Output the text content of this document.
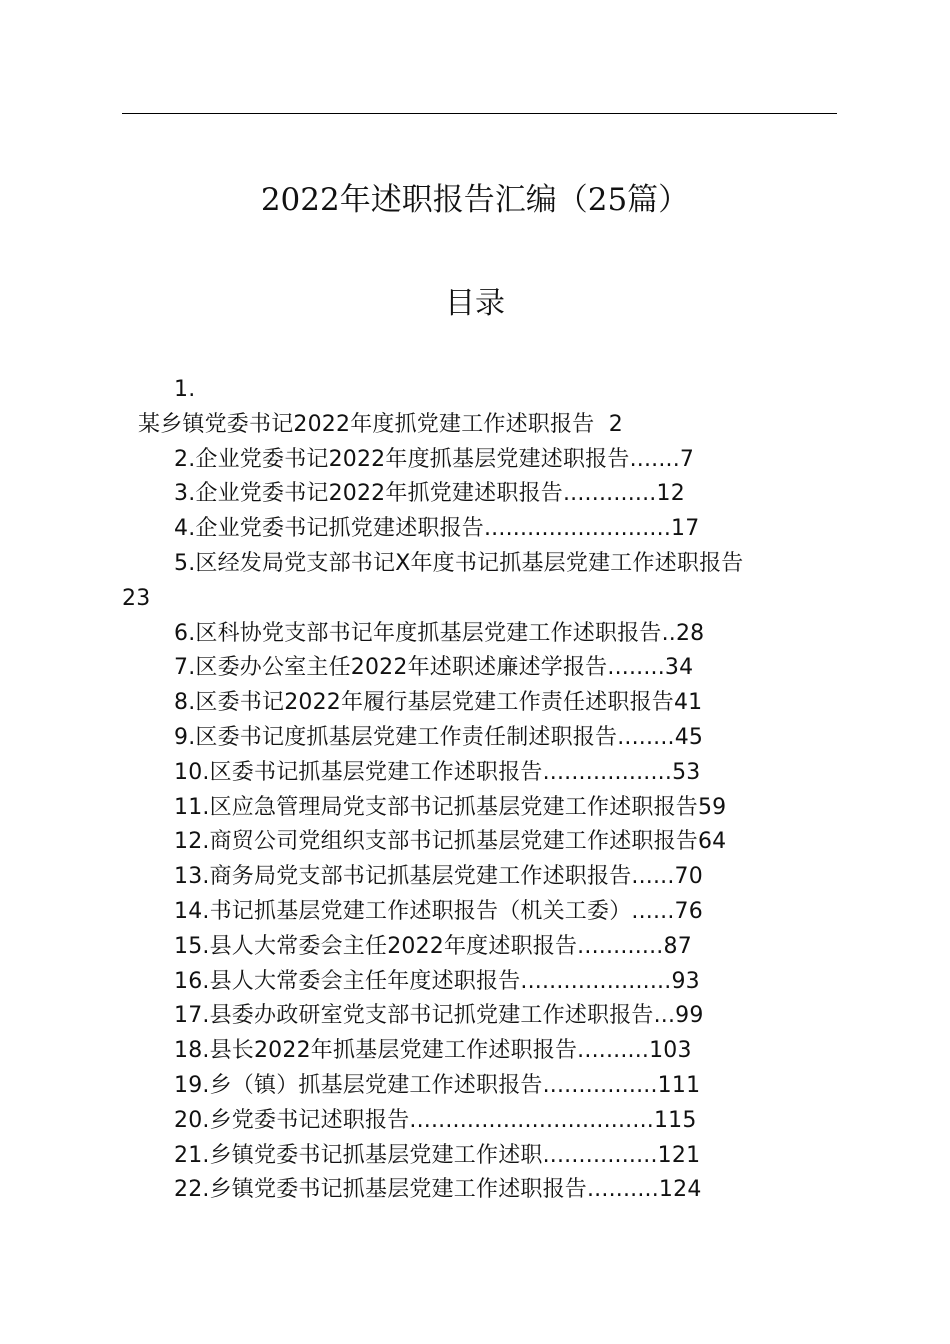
2022年述职报告汇编（25篇）
目录
1.
某乡镇党委书记2022年度抓党建工作述职报告 2
2.企业党委书记2022年度抓基层党建述职报告.......7
3.企业党委书记2022年抓党建述职报告.............12
4.企业党委书记抓党建述职报告..........................17
5.区经发局党支部书记X年度书记抓基层党建工作述职报告
23
6.区科协党支部书记年度抓基层党建工作述职报告..28
7.区委办公室主任2022年述职述廉述学报告........34
8.区委书记2022年履行基层党建工作责任述职报告41
9.区委书记度抓基层党建工作责任制述职报告........45
10.区委书记抓基层党建工作述职报告..................53
11.区应急管理局党支部书记抓基层党建工作述职报告59
12.商贸公司党组织支部书记抓基层党建工作述职报告64
13.商务局党支部书记抓基层党建工作述职报告......70
14.书记抓基层党建工作述职报告（机关工委）......76
15.县人大常委会主任2022年度述职报告............87
16.县人大常委会主任年度述职报告.....................93
17.县委办政研室党支部书记抓党建工作述职报告...99
18.县长2022年抓基层党建工作述职报告..........103
19.乡（镇）抓基层党建工作述职报告................111
20.乡党委书记述职报告..................................115
21.乡镇党委书记抓基层党建工作述职................121
22.乡镇党委书记抓基层党建工作述职报告..........124
